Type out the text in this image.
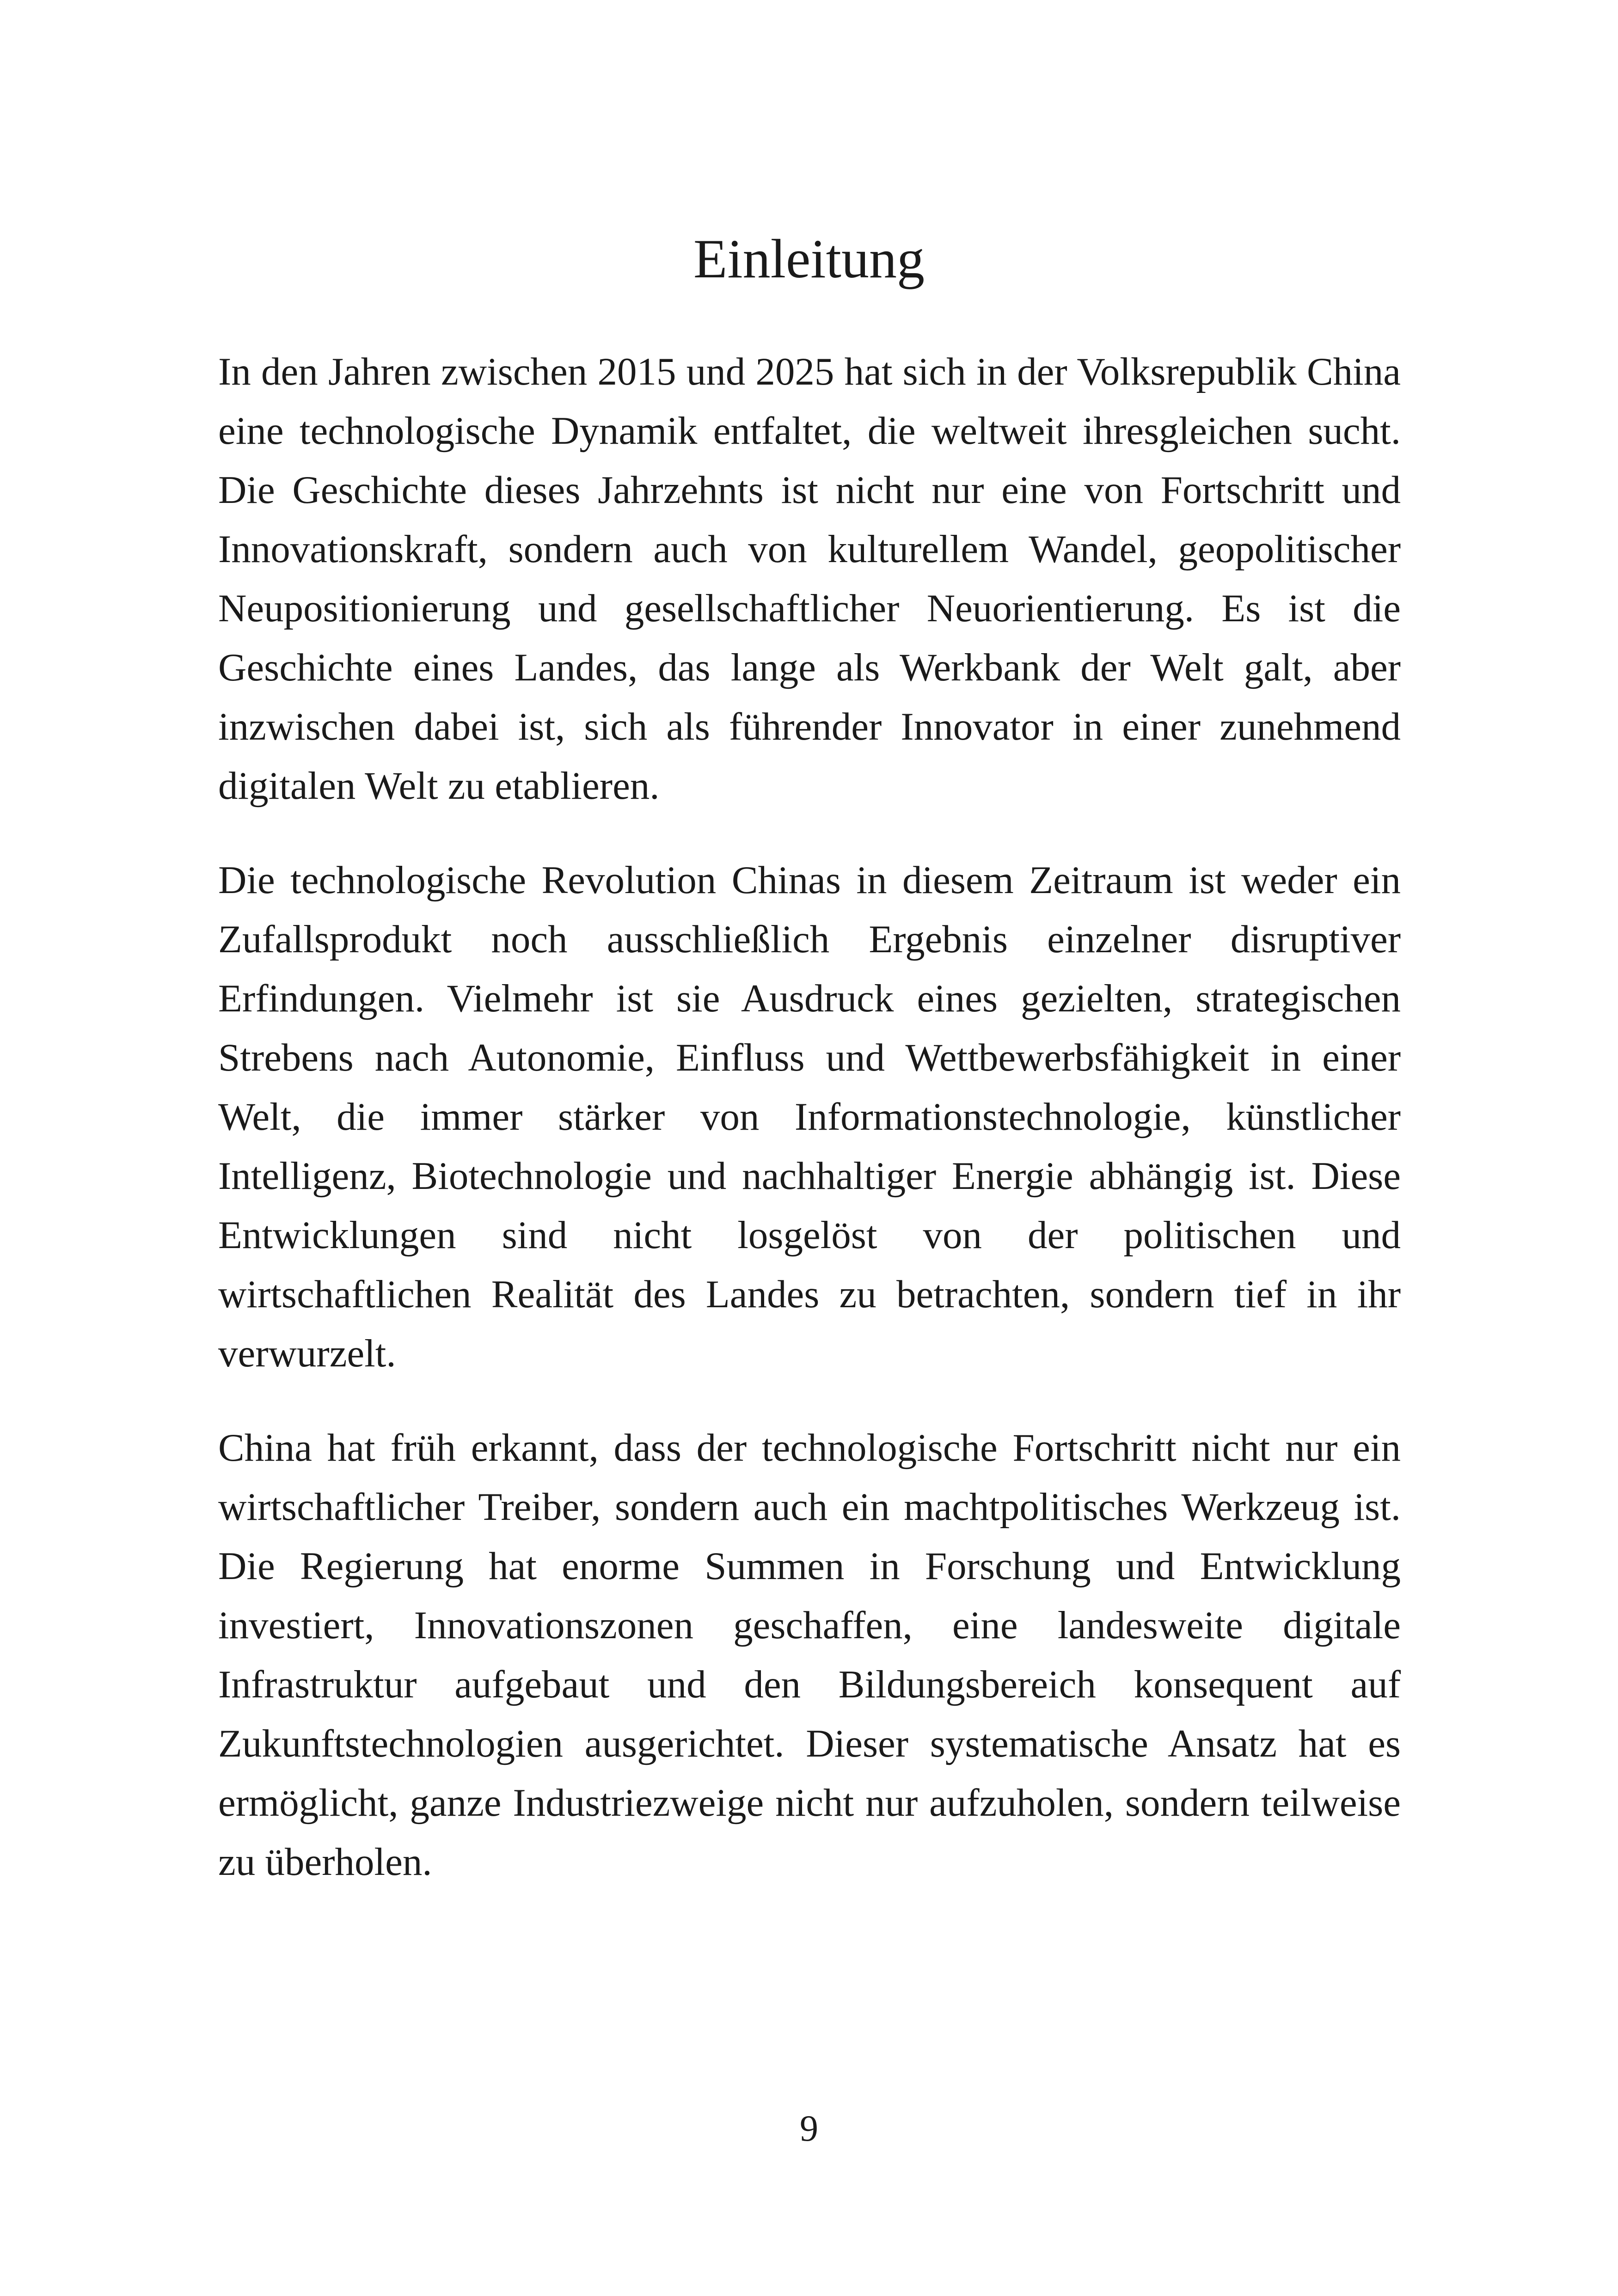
Einleitung

In den Jahren zwischen 2015 und 2025 hat sich in der Volksrepublik China eine technologische Dynamik entfaltet, die weltweit ihresgleichen sucht. Die Geschichte dieses Jahrzehnts ist nicht nur eine von Fortschritt und Innovationskraft, sondern auch von kulturellem Wandel, geopolitischer Neupositionierung und gesellschaftlicher Neuorientierung. Es ist die Geschichte eines Landes, das lange als Werkbank der Welt galt, aber inzwischen dabei ist, sich als führender Innovator in einer zunehmend digitalen Welt zu etablieren.

Die technologische Revolution Chinas in diesem Zeitraum ist weder ein Zufallsprodukt noch ausschließlich Ergebnis einzelner disruptiver Erfindungen. Vielmehr ist sie Ausdruck eines gezielten, strategischen Strebens nach Autonomie, Einfluss und Wettbewerbsfähigkeit in einer Welt, die immer stärker von Informationstechnologie, künstlicher Intelligenz, Biotechnologie und nachhaltiger Energie abhängig ist. Diese Entwicklungen sind nicht losgelöst von der politischen und wirtschaftlichen Realität des Landes zu betrachten, sondern tief in ihr verwurzelt.

China hat früh erkannt, dass der technologische Fortschritt nicht nur ein wirtschaftlicher Treiber, sondern auch ein machtpolitisches Werkzeug ist. Die Regierung hat enorme Summen in Forschung und Entwicklung investiert, Innovationszonen geschaffen, eine landesweite digitale Infrastruktur aufgebaut und den Bildungsbereich konsequent auf Zukunftstechnologien ausgerichtet. Dieser systematische Ansatz hat es ermöglicht, ganze Industriezweige nicht nur aufzuholen, sondern teilweise zu überholen.

9
